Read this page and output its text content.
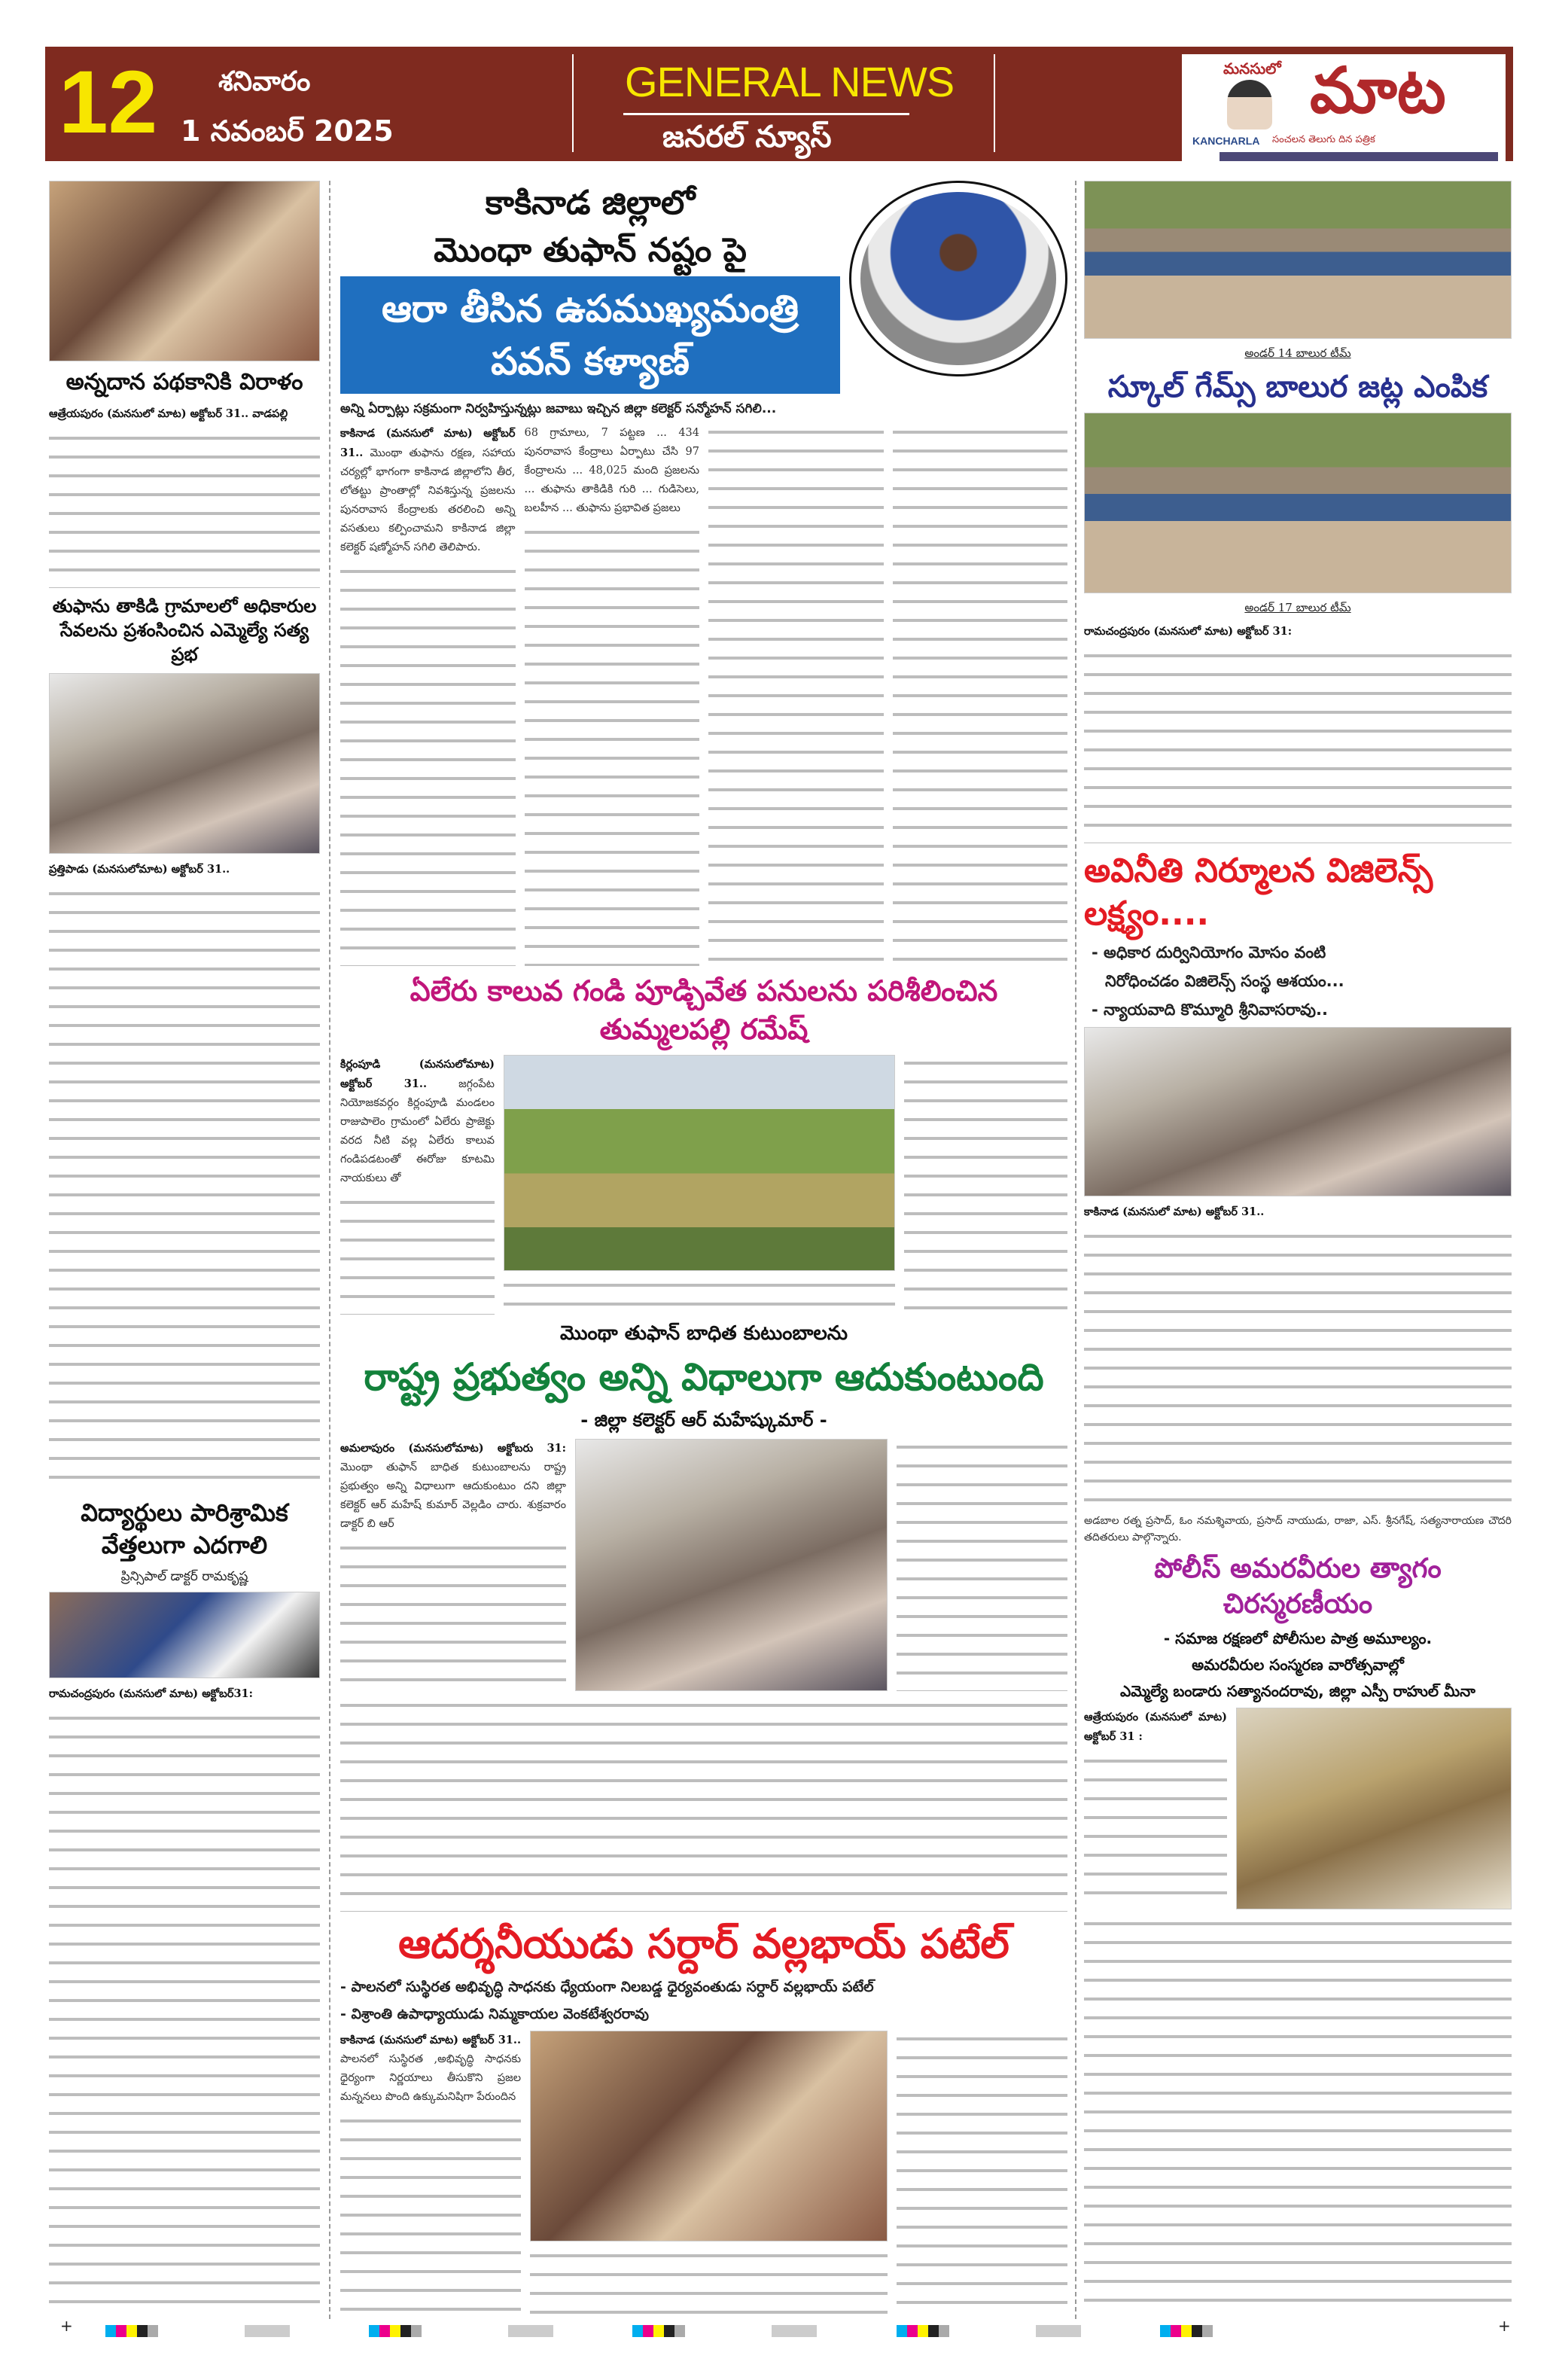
12 శనివారం
1 నవంబర్ 2025
GENERAL NEWS
జనరల్ న్యూస్
మనసులో మాట
KANCHARLA సంచలన తెలుగు దిన పత్రిక
అన్నదాన పథకానికి విరాళం
ఆత్రేయపురం (మనసులో మాట) అక్టోబర్ 31.. వాడపల్లి
తుఫాను తాకిడి గ్రామాలలో అధికారుల సేవలను ప్రశంసించిన ఎమ్మెల్యే సత్య ప్రభ
ప్రత్తిపాడు (మనసులోమాట) అక్టోబర్ 31..
విద్యార్థులు పారిశ్రామిక వేత్తలుగా ఎదగాలి
ప్రిన్సిపాల్ డాక్టర్ రామకృష్ణ
రామచంద్రపురం (మనసులో మాట) అక్టోబర్31:
కాకినాడ జిల్లాలో
మొంధా తుఫాన్ నష్టం పై
ఆరా తీసిన ఉపముఖ్యమంత్రి పవన్ కళ్యాణ్
అన్ని ఏర్పాట్లు సక్రమంగా నిర్వహిస్తున్నట్లు జవాబు ఇచ్చిన జిల్లా కలెక్టర్ సన్మోహన్ సగిలి...
కాకినాడ (మనసులో మాట) అక్టోబర్ 31.. మొంథా తుఫాను రక్షణ, సహాయ చర్యల్లో భాగంగా కాకినాడ జిల్లాలోని తీర, లోతట్టు ప్రాంతాల్లో నివశిస్తున్న ప్రజలను పునరావాస కేంద్రాలకు తరలించి అన్ని వసతులు కల్పించామని కాకినాడ జిల్లా కలెక్టర్ షణ్మోహన్ సగిలి తెలిపారు.
68 గ్రామాలు, 7 పట్టణ ... 434 పునరావాస కేంద్రాలు ఏర్పాటు చేసి 97 కేంద్రాలను ... 48,025 మంది ప్రజలను ... తుఫాను తాకిడికి గురి ... గుడిసెలు, బలహీన ... తుఫాను ప్రభావిత ప్రజలు
ఏలేరు కాలువ గండి పూడ్చివేత పనులను పరిశీలించిన తుమ్మలపల్లి రమేష్
కిర్లంపూడి (మనసులోమాట) అక్టోబర్ 31..	జగ్గంపేట నియోజకవర్గం కిర్లంపూడి మండలం రాజుపాలెం గ్రామంలో ఏలేరు ప్రాజెక్టు వరద నీటి వల్ల ఏలేరు కాలువ గండిపడటంతో ఈరోజు కూటమి నాయకులు తో
మొంథా తుఫాన్ బాధిత కుటుంబాలను
రాష్ట్ర ప్రభుత్వం అన్ని విధాలుగా ఆదుకుంటుంది
- జిల్లా కలెక్టర్ ఆర్ మహేష్కుమార్ -
అమలాపురం (మనసులోమాట) అక్టోబరు 31: మొంథా తుఫాన్ బాధిత కుటుంబాలను రాష్ట్ర ప్రభుత్వం అన్ని విధాలుగా ఆదుకుంటుం దని జిల్లా కలెక్టర్ ఆర్ మహేష్ కుమార్ వెల్లడిం చారు. శుక్రవారం డాక్టర్ బి ఆర్
ఆదర్శనీయుడు సర్దార్ వల్లభాయ్ పటేల్
- పాలనలో సుస్థిరత అభివృద్ధి సాధనకు ధ్యేయంగా నిలబడ్డ ధైర్యవంతుడు సర్దార్ వల్లభాయ్ పటేల్
- విశ్రాంతి ఉపాధ్యాయుడు నిమ్మకాయల వెంకటేశ్వరరావు
కాకినాడ (మనసులో మాట) అక్టోబర్ 31.. పాలనలో సుస్థిరత ,అభివృద్ధి సాధనకు ధైర్యంగా నిర్ణయాలు తీసుకొని ప్రజల మన్ననలు పొంది ఉక్కుమనిషిగా పేరుందిన
అండర్ 14 బాలుర టీమ్
స్కూల్ గేమ్స్ బాలుర జట్ల ఎంపిక
అండర్ 17 బాలుర టీమ్
రామచంద్రపురం (మనసులో మాట) అక్టోబర్ 31:
అవినీతి నిర్మూలన విజిలెన్స్ లక్ష్యం....
- అధికార దుర్వినియోగం మోసం వంటి
నిరోధించడం విజిలెన్స్ సంస్థ ఆశయం...
- న్యాయవాది కొమ్మూరి శ్రీనివాసరావు..
కాకినాడ (మనసులో మాట) అక్టోబర్ 31..
అడబాల రత్న ప్రసాద్, ఓం నమశ్శివాయ, ప్రసాద్ నాయుడు, రాజా, ఎస్. శ్రీనగేష్, సత్యనారాయణ చౌదరి తదితరులు పాల్గొన్నారు.
పోలీస్ అమరవీరుల త్యాగం చిరస్మరణీయం
- సమాజ రక్షణలో పోలీసుల పాత్ర అమూల్యం.
అమరవీరుల సంస్మరణ వారోత్సవాల్లో
ఎమ్మెల్యే బండారు సత్యానందరావు, జిల్లా ఎస్పీ రాహుల్ మీనా
ఆత్రేయపురం (మనసులో మాట) అక్టోబర్ 31 :
+	+
